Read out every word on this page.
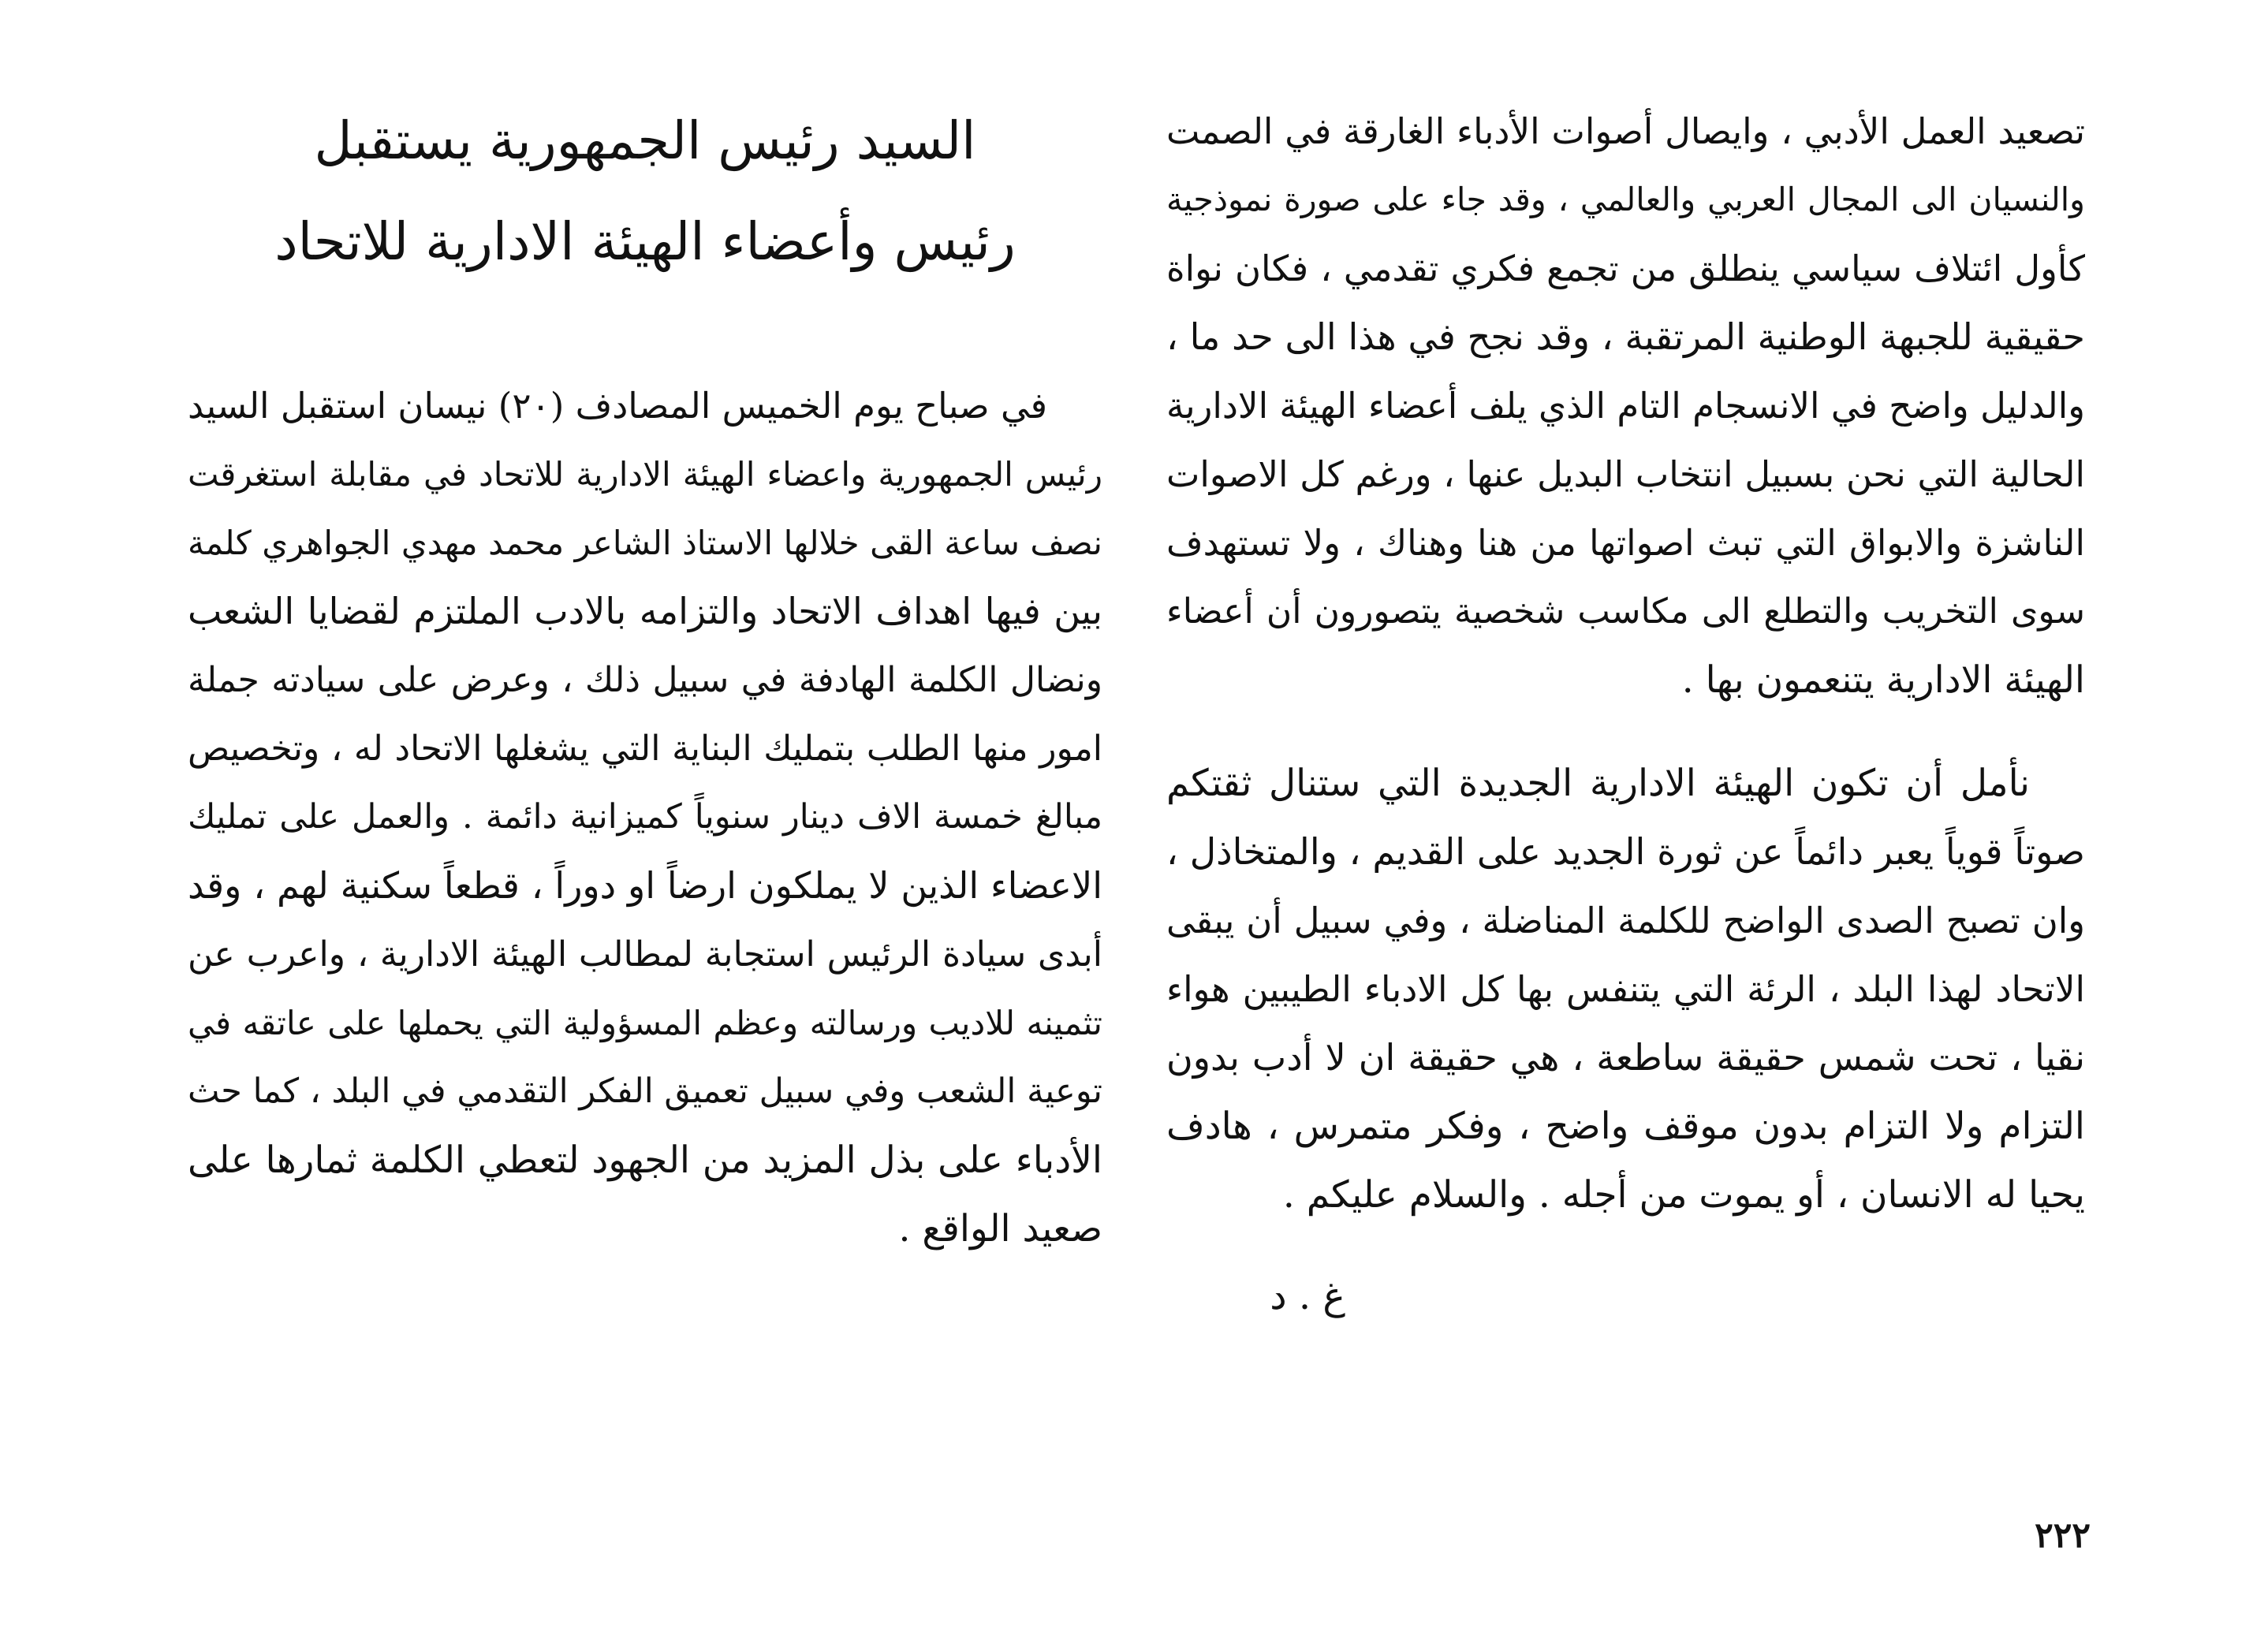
تصعيد العمل الأدبي ، وايصال أصوات الأدباء الغارقة في الصمت
والنسيان الى المجال العربي والعالمي ، وقد جاء على صورة نموذجية
كأول ائتلاف سياسي ينطلق من تجمع فكري تقدمي ، فكان نواة
حقيقية للجبهة الوطنية المرتقبة ، وقد نجح في هذا الى حد ما ،
والدليل واضح في الانسجام التام الذي يلف أعضاء الهيئة الادارية
الحالية التي نحن بسبيل انتخاب البديل عنها ، ورغم كل الاصوات
الناشزة والابواق التي تبث اصواتها من هنا وهناك ، ولا تستهدف
سوى التخريب والتطلع الى مكاسب شخصية يتصورون أن أعضاء
الهيئة الادارية يتنعمون بها .
نأمل أن تكون الهيئة الادارية الجديدة التي ستنال ثقتكم
صوتاً قوياً يعبر دائماً عن ثورة الجديد على القديم ، والمتخاذل ،
وان تصبح الصدى الواضح للكلمة المناضلة ، وفي سبيل أن يبقى
الاتحاد لهذا البلد ، الرئة التي يتنفس بها كل الادباء الطيبين هواء
نقيا ، تحت شمس حقيقة ساطعة ، هي حقيقة ان لا أدب بدون
التزام ولا التزام بدون موقف واضح ، وفكر متمرس ، هادف
يحيا له الانسان ، أو يموت من أجله . والسلام عليكم .
غ . د
السيد رئيس الجمهورية يستقبل
رئيس وأعضاء الهيئة الادارية للاتحاد
في صباح يوم الخميس المصادف (٢٠) نيسان استقبل السيد
رئيس الجمهورية واعضاء الهيئة الادارية للاتحاد في مقابلة استغرقت
نصف ساعة القى خلالها الاستاذ الشاعر محمد مهدي الجواهري كلمة
بين فيها اهداف الاتحاد والتزامه بالادب الملتزم لقضايا الشعب
ونضال الكلمة الهادفة في سبيل ذلك ، وعرض على سيادته جملة
امور منها الطلب بتمليك البناية التي يشغلها الاتحاد له ، وتخصيص
مبالغ خمسة الاف دينار سنوياً كميزانية دائمة . والعمل على تمليك
الاعضاء الذين لا يملكون ارضاً او دوراً ، قطعاً سكنية لهم ، وقد
أبدى سيادة الرئيس استجابة لمطالب الهيئة الادارية ، واعرب عن
تثمينه للاديب ورسالته وعظم المسؤولية التي يحملها على عاتقه في
توعية الشعب وفي سبيل تعميق الفكر التقدمي في البلد ، كما حث
الأدباء على بذل المزيد من الجهود لتعطي الكلمة ثمارها على
صعيد الواقع .
٢٢٢
